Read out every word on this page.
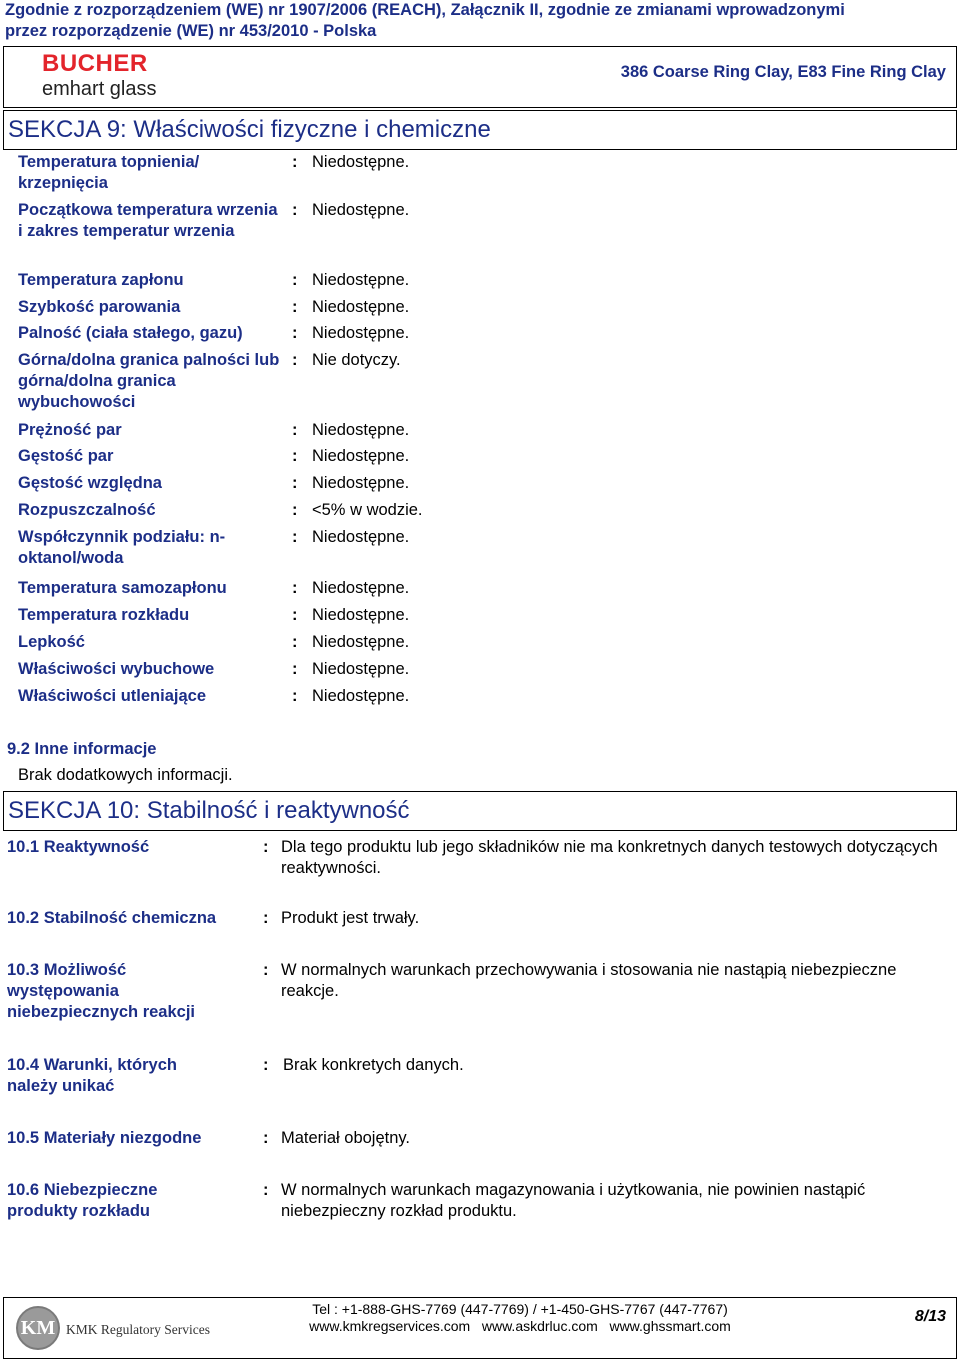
Zgodnie z rozporządzeniem (WE) nr 1907/2006 (REACH), Załącznik II, zgodnie ze zmianami wprowadzonymi
przez rozporządzenie (WE) nr 453/2010 - Polska
BUCHER
emhart glass
386 Coarse Ring Clay, E83 Fine Ring Clay
SEKCJA 9: Właściwości fizyczne i chemiczne
Temperatura topnienia/ krzepnięcia
: Niedostępne.
Początkowa temperatura wrzenia i zakres temperatur wrzenia
: Niedostępne.
Temperatura zapłonu	: Niedostępne.
Szybkość parowania	: Niedostępne.
Palność (ciała stałego, gazu)	: Niedostępne.
Górna/dolna granica palności lub górna/dolna granica wybuchowości
: Nie dotyczy.
Prężność par	: Niedostępne.
Gęstość par	: Niedostępne.
Gęstość względna	: Niedostępne.
Rozpuszczalność	: <5% w wodzie.
Współczynnik podziału: n-oktanol/woda
: Niedostępne.
Temperatura samozapłonu	: Niedostępne.
Temperatura rozkładu	: Niedostępne.
Lepkość	: Niedostępne.
Właściwości wybuchowe	: Niedostępne.
Właściwości utleniające	: Niedostępne.
9.2 Inne informacje
Brak dodatkowych informacji.
SEKCJA 10: Stabilność i reaktywność
10.1 Reaktywność	: Dla tego produktu lub jego składników nie ma konkretnych danych testowych dotyczących reaktywności.
10.2 Stabilność chemiczna	: Produkt jest trwały.
10.3 Możliwość występowania niebezpiecznych reakcji
: W normalnych warunkach przechowywania i stosowania nie nastąpią niebezpieczne reakcje.
10.4 Warunki, których należy unikać
: Brak konkretych danych.
10.5 Materiały niezgodne	: Materiał obojętny.
10.6 Niebezpieczne produkty rozkładu
: W normalnych warunkach magazynowania i użytkowania, nie powinien nastąpić niebezpieczny rozkład produktu.
KM KMK Regulatory Services
Tel : +1-888-GHS-7769 (447-7769) / +1-450-GHS-7767 (447-7767)
www.kmkregservices.com   www.askdrluc.com   www.ghssmart.com
8/13
